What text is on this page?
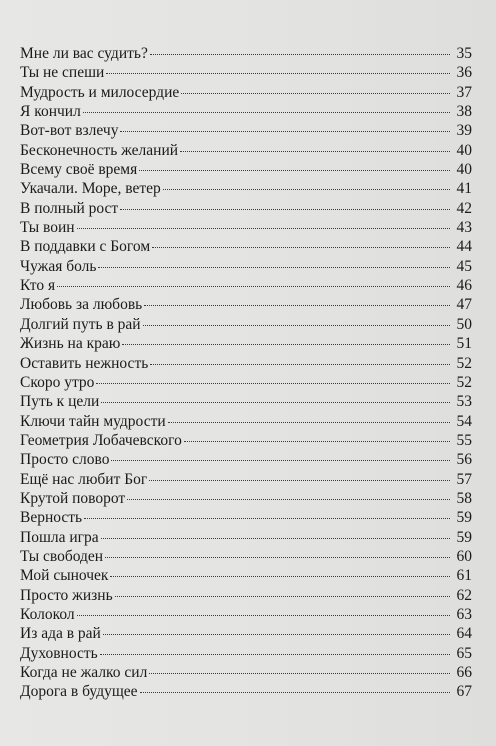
Мне ли вас судить?	35
Ты не спеши	36
Мудрость и милосердие	37
Я кончил	38
Вот-вот взлечу	39
Бесконечность желаний	40
Всему своё время	40
Укачали. Море, ветер	41
В полный рост	42
Ты воин	43
В поддавки с Богом	44
Чужая боль	45
Кто я	46
Любовь за любовь	47
Долгий путь в рай	50
Жизнь на краю	51
Оставить нежность	52
Скоро утро	52
Путь к цели	53
Ключи тайн мудрости	54
Геометрия Лобачевского	55
Просто слово	56
Ещё нас любит Бог	57
Крутой поворот	58
Верность	59
Пошла игра	59
Ты свободен	60
Мой сыночек	61
Просто жизнь	62
Колокол	63
Из ада в рай	64
Духовность	65
Когда не жалко сил	66
Дорога в будущее	67
